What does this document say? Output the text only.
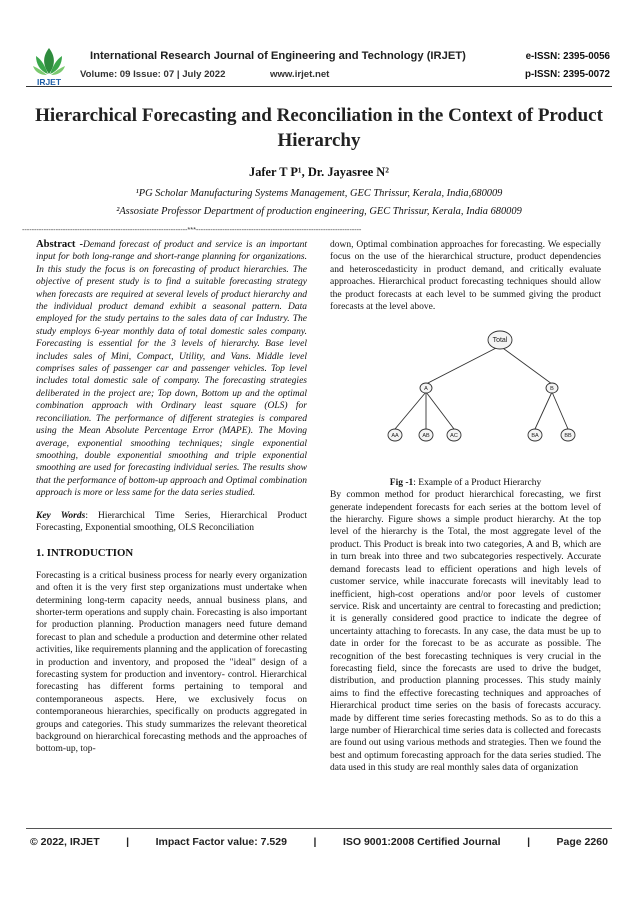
IRJET
International Research Journal of Engineering and Technology (IRJET)
Volume: 09 Issue: 07 | July 2022	www.irjet.net
e-ISSN: 2395-0056
p-ISSN: 2395-0072
Hierarchical Forecasting and Reconciliation in the Context of Product Hierarchy
Jafer T P¹, Dr. Jayasree N²
¹PG Scholar Manufacturing Systems Management, GEC Thrissur, Kerala, India,680009
²Assosiate Professor Department of production engineering, GEC Thrissur, Kerala, India 680009
---------------------------------------------------------------------***---------------------------------------------------------------------

Abstract -Demand forecast of product and service is an important input for both long-range and short-range planning for organizations. In this study the focus is on forecasting of product hierarchies. The objective of present study is to find a suitable forecasting strategy when forecasts are required at several levels of product hierarchy and the individual product demand exhibit a seasonal pattern. Data employed for the study pertains to the sales data of car Industry. The study employs 6-year monthly data of total domestic sales company. Forecasting is essential for the 3 levels of hierarchy. Base level includes sales of Mini, Compact, Utility, and Vans. Middle level comprises sales of passenger car and passenger vehicles. Top level includes total domestic sale of company. The forecasting strategies deliberated in the project are; Top down, Bottom up and the optimal combination approach with Ordinary least square (OLS) for reconciliation. The performance of different strategies is compared using the Mean Absolute Percentage Error (MAPE). The Moving average, exponential smoothing techniques; single exponential smoothing, double exponential smoothing and triple exponential smoothing are used for forecasting individual series. The results show that the performance of bottom-up approach and Optimal combination approach is more or less same for the data series studied.

Key Words: Hierarchical Time Series, Hierarchical Product Forecasting, Exponential smoothing, OLS Reconciliation

1. INTRODUCTION

Forecasting is a critical business process for nearly every organization and often it is the very first step organizations must undertake when determining long-term capacity needs, annual business plans, and shorter-term operations and supply chain. Forecasting is also important for production planning. Production managers need future demand forecast to plan and schedule a production and determine other related activities, like requirements planning and the application of forecasting in production and inventory, and proposed the "ideal" design of a forecasting system for production and inventory- control. Hierarchical forecasting has different forms pertaining to temporal and contemporaneous aspects. Here, we exclusively focus on contemporaneous hierarchies, specifically on products aggregated in groups and categories. This study summarizes the relevant theoretical background on hierarchical forecasting methods and the approaches of bottom-up, top-

down, Optimal combination approaches for forecasting. We especially focus on the use of the hierarchical structure, product dependencies and heteroscedasticity in product demand, and critically evaluate approaches. Hierarchical product forecasting techniques should allow the product forecasts at each level to be summed giving the product forecasts at the level above.

Total
A	B
AA	AB	AC	BA	BB

Fig -1: Example of a Product Hierarchy

By common method for product hierarchical forecasting, we first generate independent forecasts for each series at the bottom level of the hierarchy. Figure shows a simple product hierarchy. At the top level of the hierarchy is the Total, the most aggregate level of the product. This Product is break into two categories, A and B, which are in turn break into three and two subcategories respectively. Accurate demand forecasts lead to efficient operations and high levels of customer service, while inaccurate forecasts will inevitably lead to inefficient, high-cost operations and/or poor levels of customer service. Risk and uncertainty are central to forecasting and prediction; it is generally considered good practice to indicate the degree of uncertainty attaching to forecasts. In any case, the data must be up to date in order for the forecast to be as accurate as possible. The recognition of the best forecasting techniques is very crucial in the forecasting field, since the forecasts are used to drive the budget, distribution, and production planning processes. This study mainly aims to find the effective forecasting techniques and approaches of Hierarchical product time series on the basis of forecasts accuracy. made by different time series forecasting methods. So as to do this a large number of Hierarchical time series data is collected and forecasts are found out using various methods and strategies. Then we found the best and optimum forecasting approach for the data series studied. The data used in this study are real monthly sales data of organization

© 2022, IRJET	|	Impact Factor value: 7.529	|	ISO 9001:2008 Certified Journal	|	Page 2260
